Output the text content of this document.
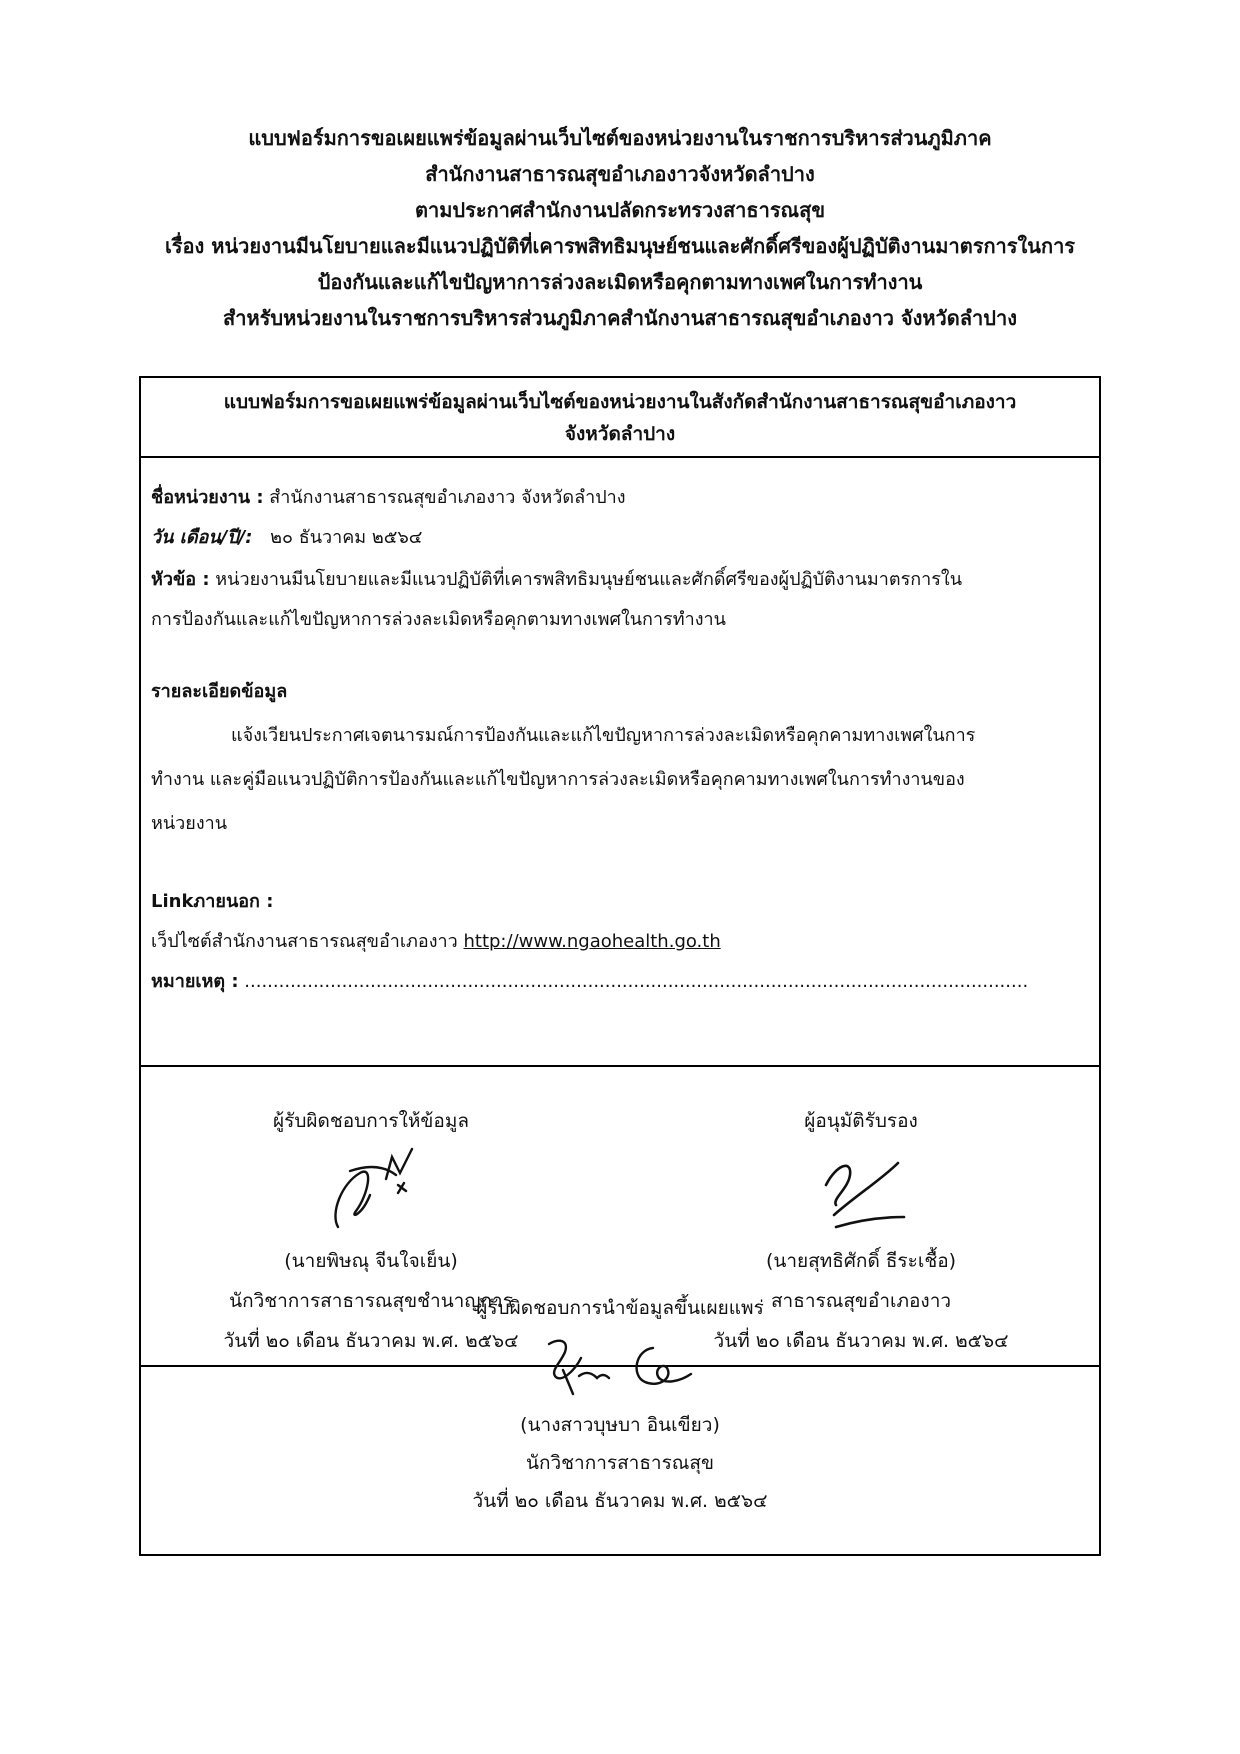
แบบฟอร์มการขอเผยแพร่ข้อมูลผ่านเว็บไซต์ของหน่วยงานในราชการบริหารส่วนภูมิภาค
สำนักงานสาธารณสุขอำเภองาวจังหวัดลำปาง
ตามประกาศสำนักงานปลัดกระทรวงสาธารณสุข
เรื่อง หน่วยงานมีนโยบายและมีแนวปฏิบัติที่เคารพสิทธิมนุษย์ชนและศักดิ์ศรีของผู้ปฏิบัติงานมาตรการในการ
ป้องกันและแก้ไขปัญหาการล่วงละเมิดหรือคุกตามทางเพศในการทำงาน
สำหรับหน่วยงานในราชการบริหารส่วนภูมิภาคสำนักงานสาธารณสุขอำเภองาว จังหวัดลำปาง
แบบฟอร์มการขอเผยแพร่ข้อมูลผ่านเว็บไซต์ของหน่วยงานในสังกัดสำนักงานสาธารณสุขอำเภองาว
จังหวัดลำปาง
ชื่อหน่วยงาน : สำนักงานสาธารณสุขอำเภองาว จังหวัดลำปาง
วัน เดือน/ปี/: ๒๐ ธันวาคม ๒๕๖๔
หัวข้อ : หน่วยงานมีนโยบายและมีแนวปฏิบัติที่เคารพสิทธิมนุษย์ชนและศักดิ์ศรีของผู้ปฏิบัติงานมาตรการใน
การป้องกันและแก้ไขปัญหาการล่วงละเมิดหรือคุกตามทางเพศในการทำงาน
รายละเอียดข้อมูล
แจ้งเวียนประกาศเจตนารมณ์การป้องกันและแก้ไขปัญหาการล่วงละเมิดหรือคุกคามทางเพศในการ
ทำงาน และคู่มือแนวปฏิบัติการป้องกันและแก้ไขปัญหาการล่วงละเมิดหรือคุกคามทางเพศในการทำงานของ
หน่วยงาน
Linkภายนอก :
เว็ปไซต์สำนักงานสาธารณสุขอำเภองาว http://www.ngaohealth.go.th
หมายเหตุ : .........................................................................................................................................
ผู้รับผิดชอบการให้ข้อมูล
(นายพิษณุ จีนใจเย็น)
นักวิชาการสาธารณสุขชำนาญการ
วันที่ ๒๐ เดือน ธันวาคม พ.ศ. ๒๕๖๔
ผู้อนุมัติรับรอง
(นายสุทธิศักดิ์ ธีระเชื้อ)
สาธารณสุขอำเภองาว
วันที่ ๒๐ เดือน ธันวาคม พ.ศ. ๒๕๖๔
ผู้รับผิดชอบการนำข้อมูลขึ้นเผยแพร่
(นางสาวบุษบา อินเขียว)
นักวิชาการสาธารณสุข
วันที่ ๒๐ เดือน ธันวาคม พ.ศ. ๒๕๖๔
